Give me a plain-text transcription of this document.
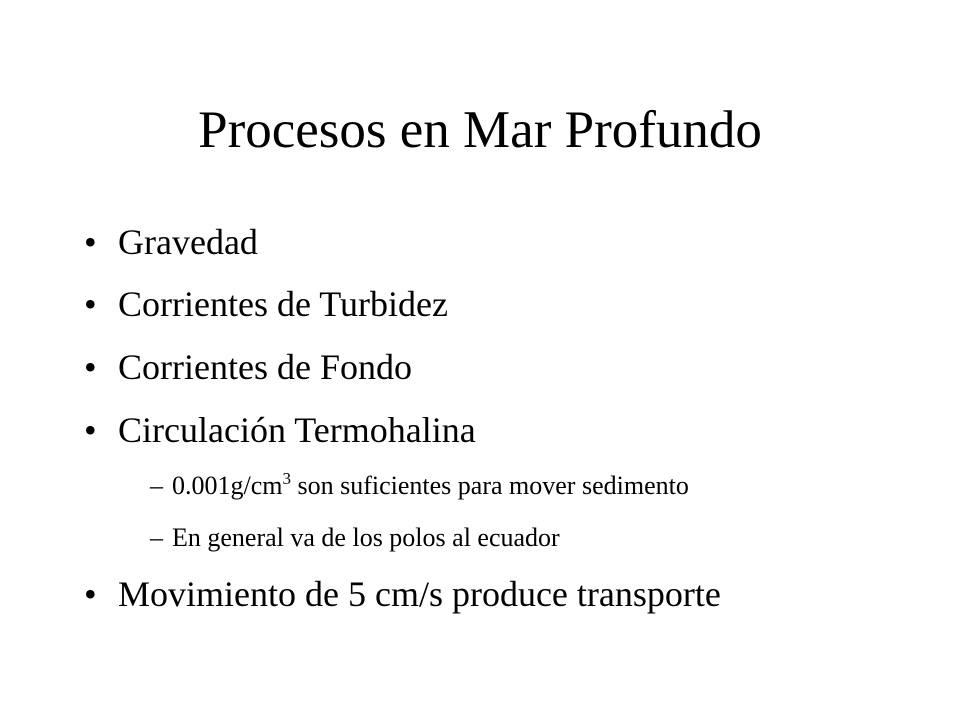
Procesos en Mar Profundo
• Gravedad
• Corrientes de Turbidez
• Corrientes de Fondo
• Circulación Termohalina
– $0.001g/cm^3$ son suficientes para mover sedimento
– En general va de los polos al ecuador
• Movimiento de 5 cm/s produce transporte
